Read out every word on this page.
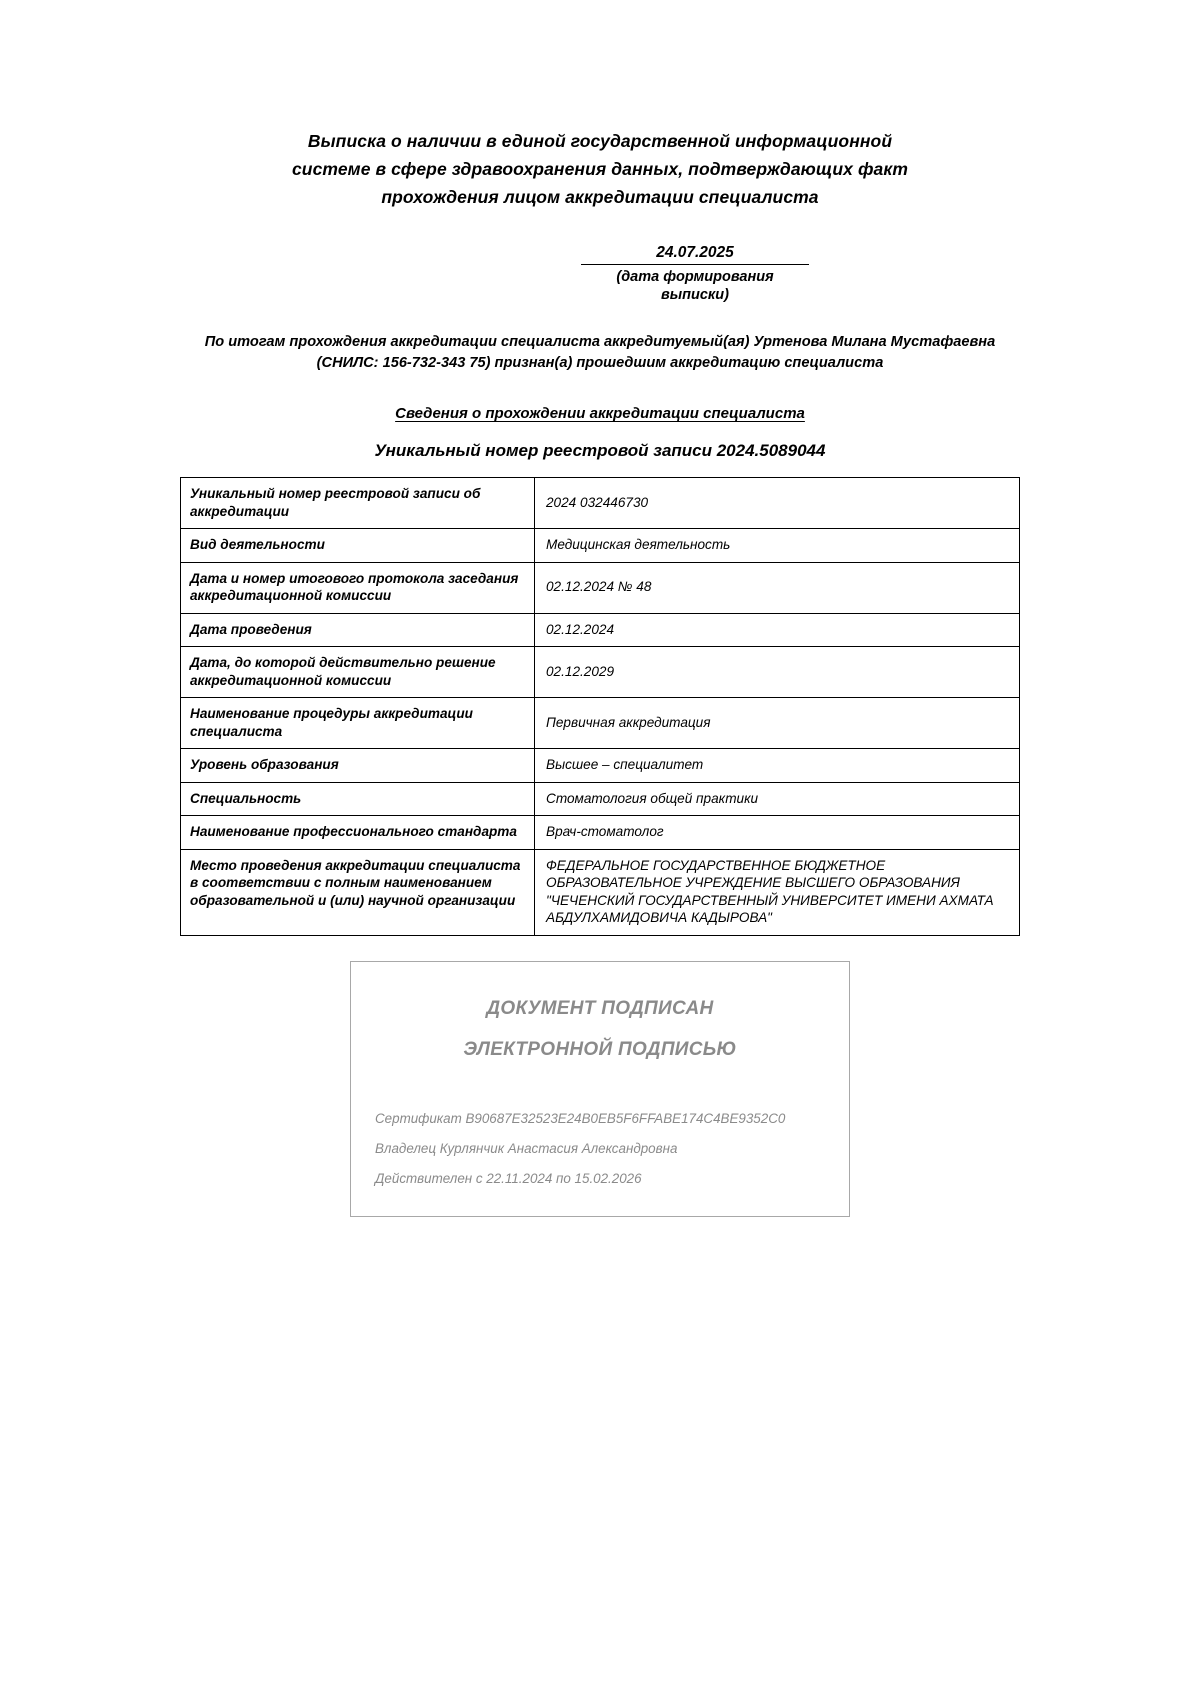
Выписка о наличии в единой государственной информационной
системе в сфере здравоохранения данных, подтверждающих факт
прохождения лицом аккредитации специалиста
24.07.2025
(дата формирования выписки)

По итогам прохождения аккредитации специалиста аккредитуемый(ая) Уртенова Милана Мустафаевна (СНИЛС: 156-732-343 75) признан(а) прошедшим аккредитацию специалиста

Сведения о прохождении аккредитации специалиста
Уникальный номер реестровой записи 2024.5089044
Уникальный номер реестровой записи об аккредитации	2024 032446730
Вид деятельности	Медицинская деятельность
Дата и номер итогового протокола заседания аккредитационной комиссии	02.12.2024 № 48
Дата проведения	02.12.2024
Дата, до которой действительно решение аккредитационной комиссии	02.12.2029
Наименование процедуры аккредитации специалиста	Первичная аккредитация
Уровень образования	Высшее – специалитет
Специальность	Стоматология общей практики
Наименование профессионального стандарта	Врач-стоматолог
Место проведения аккредитации специалиста в соответствии с полным наименованием образовательной и (или) научной организации	ФЕДЕРАЛЬНОЕ ГОСУДАРСТВЕННОЕ БЮДЖЕТНОЕ
ОБРАЗОВАТЕЛЬНОЕ УЧРЕЖДЕНИЕ ВЫСШЕГО ОБРАЗОВАНИЯ
"ЧЕЧЕНСКИЙ ГОСУДАРСТВЕННЫЙ УНИВЕРСИТЕТ ИМЕНИ АХМАТА
АБДУЛХАМИДОВИЧА КАДЫРОВА"
ДОКУМЕНТ ПОДПИСАН
ЭЛЕКТРОННОЙ ПОДПИСЬЮ
Сертификат B90687E32523E24B0EB5F6FFABE174C4BE9352C0
Владелец Курлянчик Анастасия Александровна
Действителен с 22.11.2024 по 15.02.2026
